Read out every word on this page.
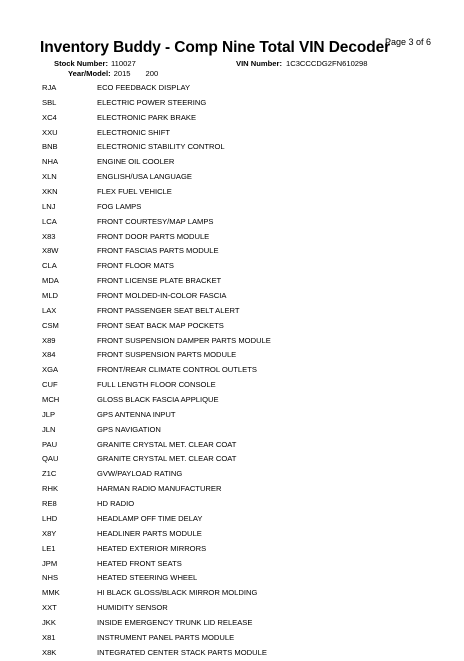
Page 3 of 6
Inventory Buddy - Comp Nine Total VIN Decoder
Stock Number: 110027	VIN Number: 1C3CCCDG2FN610298
Year/Model: 2015 200
RJA	ECO FEEDBACK DISPLAY
SBL	ELECTRIC POWER STEERING
XC4	ELECTRONIC PARK BRAKE
XXU	ELECTRONIC SHIFT
BNB	ELECTRONIC STABILITY CONTROL
NHA	ENGINE OIL COOLER
XLN	ENGLISH/USA LANGUAGE
XKN	FLEX FUEL VEHICLE
LNJ	FOG LAMPS
LCA	FRONT COURTESY/MAP LAMPS
X83	FRONT DOOR PARTS MODULE
X8W	FRONT FASCIAS PARTS MODULE
CLA	FRONT FLOOR MATS
MDA	FRONT LICENSE PLATE BRACKET
MLD	FRONT MOLDED-IN-COLOR FASCIA
LAX	FRONT PASSENGER SEAT BELT ALERT
CSM	FRONT SEAT BACK MAP POCKETS
X89	FRONT SUSPENSION DAMPER PARTS MODULE
X84	FRONT SUSPENSION PARTS MODULE
XGA	FRONT/REAR CLIMATE CONTROL OUTLETS
CUF	FULL LENGTH FLOOR CONSOLE
MCH	GLOSS BLACK FASCIA APPLIQUE
JLP	GPS ANTENNA INPUT
JLN	GPS NAVIGATION
PAU	GRANITE CRYSTAL MET. CLEAR COAT
QAU	GRANITE CRYSTAL MET. CLEAR COAT
Z1C	GVW/PAYLOAD RATING
RHK	HARMAN RADIO MANUFACTURER
RE8	HD RADIO
LHD	HEADLAMP OFF TIME DELAY
X8Y	HEADLINER PARTS MODULE
LE1	HEATED EXTERIOR MIRRORS
JPM	HEATED FRONT SEATS
NHS	HEATED STEERING WHEEL
MMK	HI BLACK GLOSS/BLACK MIRROR MOLDING
XXT	HUMIDITY SENSOR
JKK	INSIDE EMERGENCY TRUNK LID RELEASE
X81	INSTRUMENT PANEL PARTS MODULE
X8K	INTEGRATED CENTER STACK PARTS MODULE
